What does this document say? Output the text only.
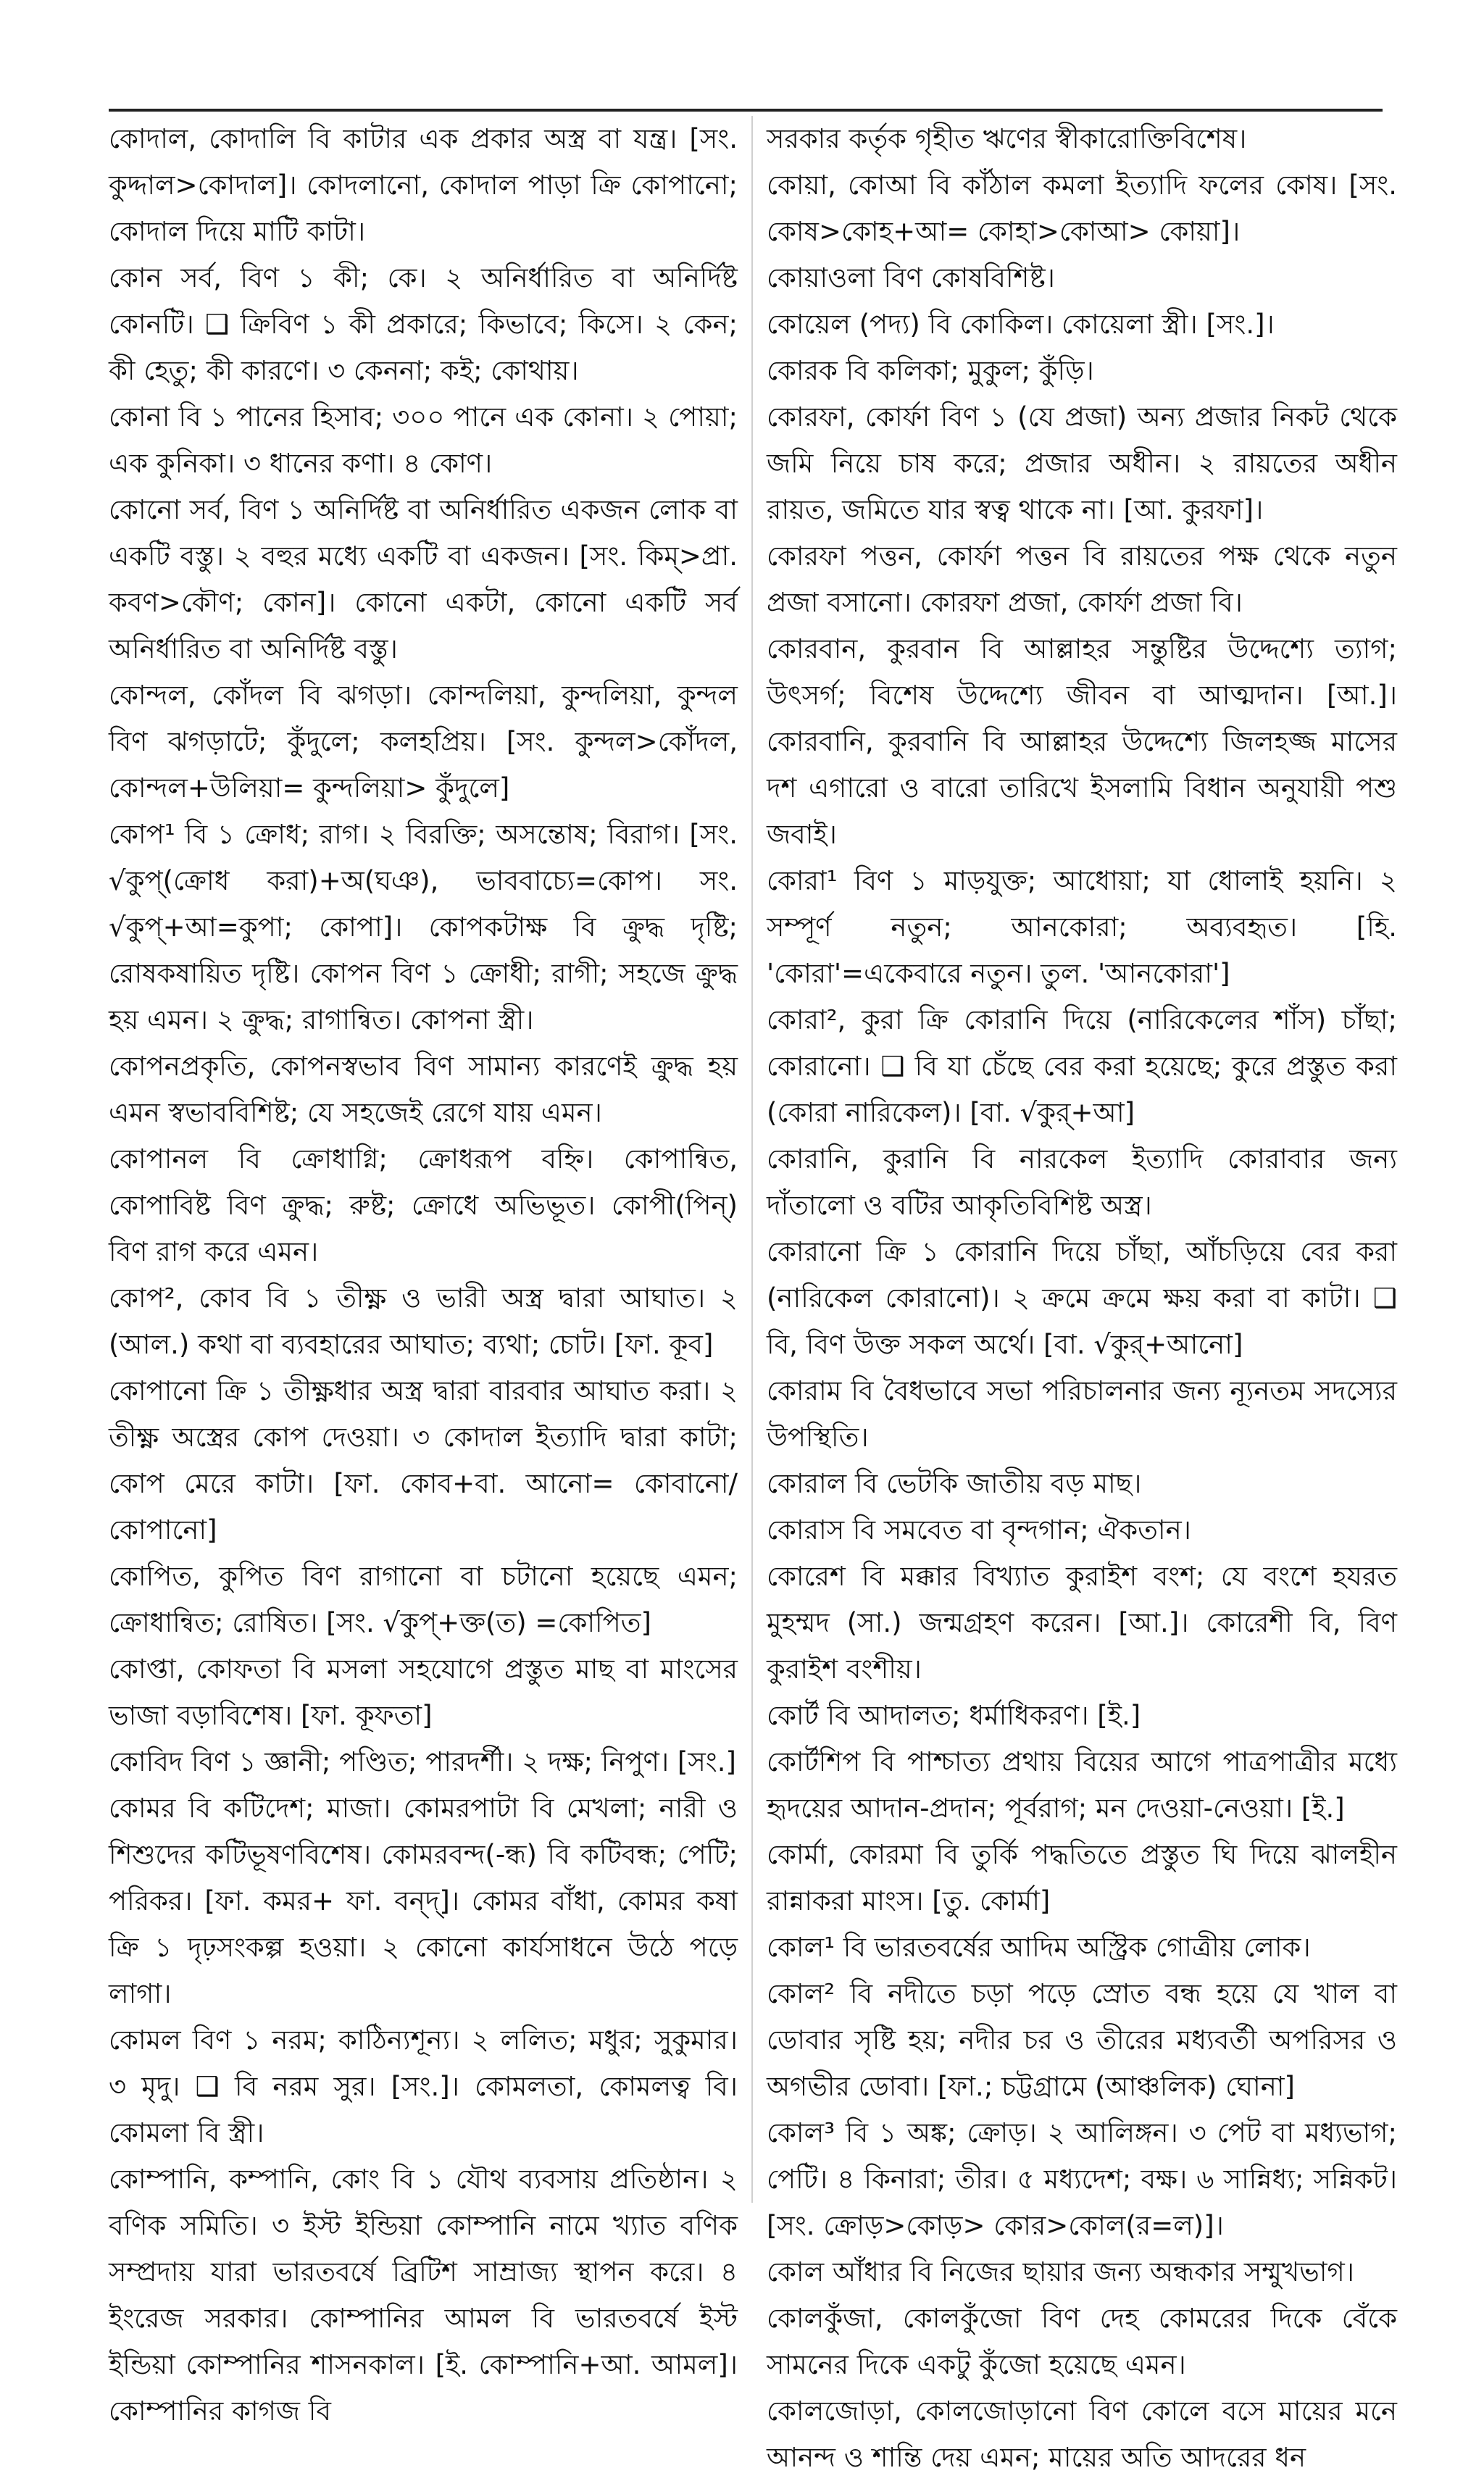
কোদাল, কোদালি বি কাটার এক প্রকার অস্ত্র বা যন্ত্র। [সং. কুদ্দাল>কোদাল]। কোদলানো, কোদাল পাড়া ক্রি কোপানো; কোদাল দিয়ে মাটি কাটা।

কোন সর্ব, বিণ ১ কী; কে। ২ অনির্ধারিত বা অনির্দিষ্ট কোনটি। ❑ ক্রিবিণ ১ কী প্রকারে; কিভাবে; কিসে। ২ কেন; কী হেতু; কী কারণে। ৩ কেননা; কই; কোথায়।

কোনা বি ১ পানের হিসাব; ৩০০ পানে এক কোনা। ২ পোয়া; এক কুনিকা। ৩ ধানের কণা। ৪ কোণ।

কোনো সর্ব, বিণ ১ অনির্দিষ্ট বা অনির্ধারিত একজন লোক বা একটি বস্তু। ২ বহুর মধ্যে একটি বা একজন। [সং. কিম্>প্রা. কবণ>কৌণ; কোন]। কোনো একটা, কোনো একটি সর্ব অনির্ধারিত বা অনির্দিষ্ট বস্তু।

কোন্দল, কোঁদল বি ঝগড়া। কোন্দলিয়া, কুন্দলিয়া, কুন্দল বিণ ঝগড়াটে; কুঁদুলে; কলহপ্রিয়। [সং. কুন্দল>কোঁদল, কোন্দল+উলিয়া= কুন্দলিয়া> কুঁদুলে]

কোপ¹ বি ১ ক্রোধ; রাগ। ২ বিরক্তি; অসন্তোষ; বিরাগ। [সং. √কুপ্(ক্রোধ করা)+অ(ঘঞ), ভাববাচ্যে=কোপ। সং. √কুপ্+আ=কুপা; কোপা]। কোপকটাক্ষ বি ক্রুদ্ধ দৃষ্টি; রোষকষায়িত দৃষ্টি। কোপন বিণ ১ ক্রোধী; রাগী; সহজে ক্রুদ্ধ হয় এমন। ২ ক্রুদ্ধ; রাগান্বিত। কোপনা স্ত্রী।

কোপনপ্রকৃতি, কোপনস্বভাব বিণ সামান্য কারণেই ক্রুদ্ধ হয় এমন স্বভাববিশিষ্ট; যে সহজেই রেগে যায় এমন।

কোপানল বি ক্রোধাগ্নি; ক্রোধরূপ বহ্নি। কোপান্বিত, কোপাবিষ্ট বিণ ক্রুদ্ধ; রুষ্ট; ক্রোধে অভিভূত। কোপী(পিন্) বিণ রাগ করে এমন।

কোপ², কোব বি ১ তীক্ষ্ণ ও ভারী অস্ত্র দ্বারা আঘাত। ২ (আল.) কথা বা ব্যবহারের আঘাত; ব্যথা; চোট। [ফা. কূব]

কোপানো ক্রি ১ তীক্ষ্ণধার অস্ত্র দ্বারা বারবার আঘাত করা। ২ তীক্ষ্ণ অস্ত্রের কোপ দেওয়া। ৩ কোদাল ইত্যাদি দ্বারা কাটা; কোপ মেরে কাটা। [ফা. কোব+বা. আনো= কোবানো/ কোপানো]

কোপিত, কুপিত বিণ রাগানো বা চটানো হয়েছে এমন; ক্রোধান্বিত; রোষিত। [সং. √কুপ্+ক্ত(ত) =কোপিত]

কোপ্তা, কোফতা বি মসলা সহযোগে প্রস্তুত মাছ বা মাংসের ভাজা বড়াবিশেষ। [ফা. কূফতা]

কোবিদ বিণ ১ জ্ঞানী; পণ্ডিত; পারদর্শী। ২ দক্ষ; নিপুণ। [সং.]

কোমর বি কটিদেশ; মাজা। কোমরপাটা বি মেখলা; নারী ও শিশুদের কটিভূষণবিশেষ। কোমরবন্দ(-ন্ধ) বি কটিবন্ধ; পেটি; পরিকর। [ফা. কমর+ ফা. বন্দ্]। কোমর বাঁধা, কোমর কষা ক্রি ১ দৃঢ়সংকল্প হওয়া। ২ কোনো কার্যসাধনে উঠে পড়ে লাগা।

কোমল বিণ ১ নরম; কাঠিন্যশূন্য। ২ ললিত; মধুর; সুকুমার। ৩ মৃদু। ❑ বি নরম সুর। [সং.]। কোমলতা, কোমলত্ব বি। কোমলা বি স্ত্রী।

কোম্পানি, কম্পানি, কোং বি ১ যৌথ ব্যবসায় প্রতিষ্ঠান। ২ বণিক সমিতি। ৩ ইস্ট ইন্ডিয়া কোম্পানি নামে খ্যাত বণিক সম্প্রদায় যারা ভারতবর্ষে ব্রিটিশ সাম্রাজ্য স্থাপন করে। ৪ ইংরেজ সরকার। কোম্পানির আমল বি ভারতবর্ষে ইস্ট ইন্ডিয়া কোম্পানির শাসনকাল। [ই. কোম্পানি+আ. আমল]। কোম্পানির কাগজ বি

সরকার কর্তৃক গৃহীত ঋণের স্বীকারোক্তিবিশেষ।

কোয়া, কোআ বি কাঁঠাল কমলা ইত্যাদি ফলের কোষ। [সং. কোষ>কোহ+আ= কোহা>কোআ> কোয়া]।

কোয়াওলা বিণ কোষবিশিষ্ট।

কোয়েল (পদ্য) বি কোকিল। কোয়েলা স্ত্রী। [সং.]।

কোরক বি কলিকা; মুকুল; কুঁড়ি।

কোরফা, কোর্ফা বিণ ১ (যে প্রজা) অন্য প্রজার নিকট থেকে জমি নিয়ে চাষ করে; প্রজার অধীন। ২ রায়তের অধীন রায়ত, জমিতে যার স্বত্ব থাকে না। [আ. কুরফা]।

কোরফা পত্তন, কোর্ফা পত্তন বি রায়তের পক্ষ থেকে নতুন প্রজা বসানো। কোরফা প্রজা, কোর্ফা প্রজা বি।

কোরবান, কুরবান বি আল্লাহর সন্তুষ্টির উদ্দেশ্যে ত্যাগ; উৎসর্গ; বিশেষ উদ্দেশ্যে জীবন বা আত্মদান। [আ.]। কোরবানি, কুরবানি বি আল্লাহর উদ্দেশ্যে জিলহজ্জ মাসের দশ এগারো ও বারো তারিখে ইসলামি বিধান অনুযায়ী পশু জবাই।

কোরা¹ বিণ ১ মাড়যুক্ত; আধোয়া; যা ধোলাই হয়নি। ২ সম্পূর্ণ নতুন; আনকোরা; অব্যবহৃত। [হি. 'কোরা'=একেবারে নতুন। তুল. 'আনকোরা']

কোরা², কুরা ক্রি কোরানি দিয়ে (নারিকেলের শাঁস) চাঁছা; কোরানো। ❑ বি যা চেঁছে বের করা হয়েছে; কুরে প্রস্তুত করা (কোরা নারিকেল)। [বা. √কুর্+আ]

কোরানি, কুরানি বি নারকেল ইত্যাদি কোরাবার জন্য দাঁতালো ও বটির আকৃতিবিশিষ্ট অস্ত্র।

কোরানো ক্রি ১ কোরানি দিয়ে চাঁছা, আঁচড়িয়ে বের করা (নারিকেল কোরানো)। ২ ক্রমে ক্রমে ক্ষয় করা বা কাটা। ❑ বি, বিণ উক্ত সকল অর্থে। [বা. √কুর্+আনো]

কোরাম বি বৈধভাবে সভা পরিচালনার জন্য ন্যূনতম সদস্যের উপস্থিতি।

কোরাল বি ভেটকি জাতীয় বড় মাছ।

কোরাস বি সমবেত বা বৃন্দগান; ঐকতান।

কোরেশ বি মক্কার বিখ্যাত কুরাইশ বংশ; যে বংশে হযরত মুহম্মদ (সা.) জন্মগ্রহণ করেন। [আ.]। কোরেশী বি, বিণ কুরাইশ বংশীয়।

কোর্ট বি আদালত; ধর্মাধিকরণ। [ই.]

কোর্টশিপ বি পাশ্চাত্য প্রথায় বিয়ের আগে পাত্রপাত্রীর মধ্যে হৃদয়ের আদান-প্রদান; পূর্বরাগ; মন দেওয়া-নেওয়া। [ই.]

কোর্মা, কোরমা বি তুর্কি পদ্ধতিতে প্রস্তুত ঘি দিয়ে ঝালহীন রান্নাকরা মাংস। [তু. কোর্মা]

কোল¹ বি ভারতবর্ষের আদিম অস্ট্রিক গোত্রীয় লোক।

কোল² বি নদীতে চড়া পড়ে স্রোত বন্ধ হয়ে যে খাল বা ডোবার সৃষ্টি হয়; নদীর চর ও তীরের মধ্যবর্তী অপরিসর ও অগভীর ডোবা। [ফা.; চট্টগ্রামে (আঞ্চলিক) ঘোনা]

কোল³ বি ১ অঙ্ক; ক্রোড়। ২ আলিঙ্গন। ৩ পেট বা মধ্যভাগ; পেটি। ৪ কিনারা; তীর। ৫ মধ্যদেশ; বক্ষ। ৬ সান্নিধ্য; সন্নিকট। [সং. ক্রোড়>কোড়> কোর>কোল(র=ল)]।

কোল আঁধার বি নিজের ছায়ার জন্য অন্ধকার সম্মুখভাগ।

কোলকুঁজা, কোলকুঁজো বিণ দেহ কোমরের দিকে বেঁকে সামনের দিকে একটু কুঁজো হয়েছে এমন।

কোলজোড়া, কোলজোড়ানো বিণ কোলে বসে মায়ের মনে আনন্দ ও শান্তি দেয় এমন; মায়ের অতি আদরের ধন
